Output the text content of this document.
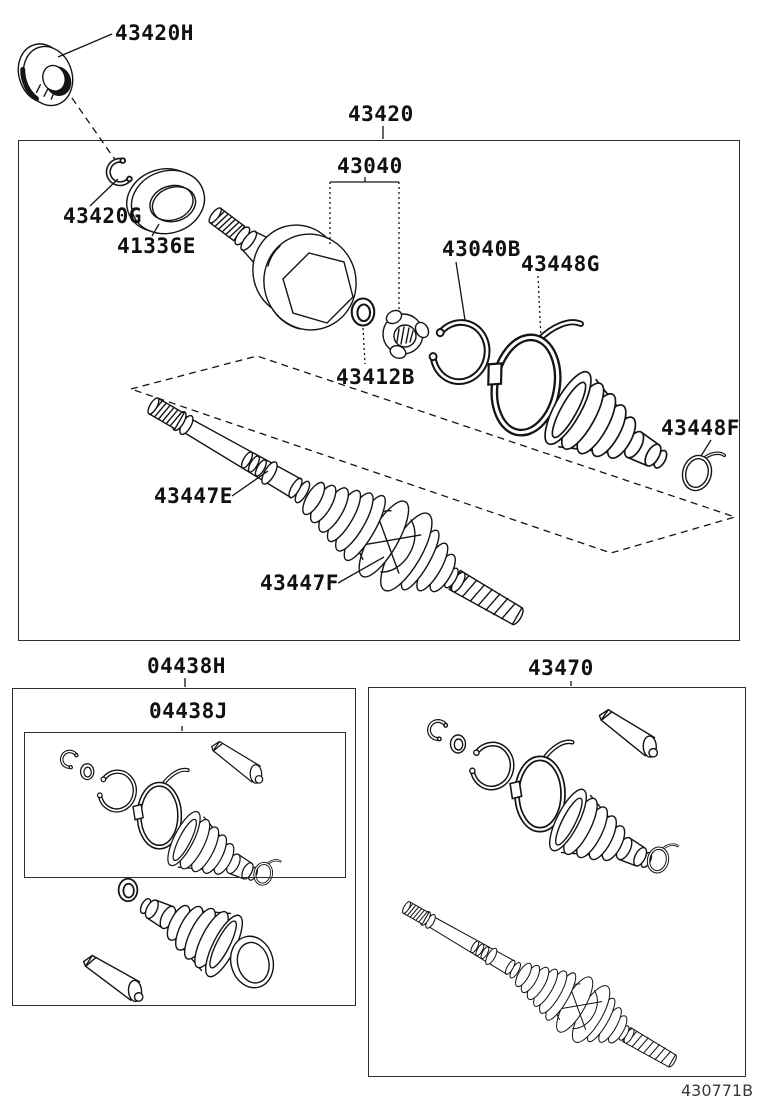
43420H
43420
43040
43420G
41336E	43040B
43448G
43412B
43448F
43447E
43447F
04438H
04438J
43470
430771B
